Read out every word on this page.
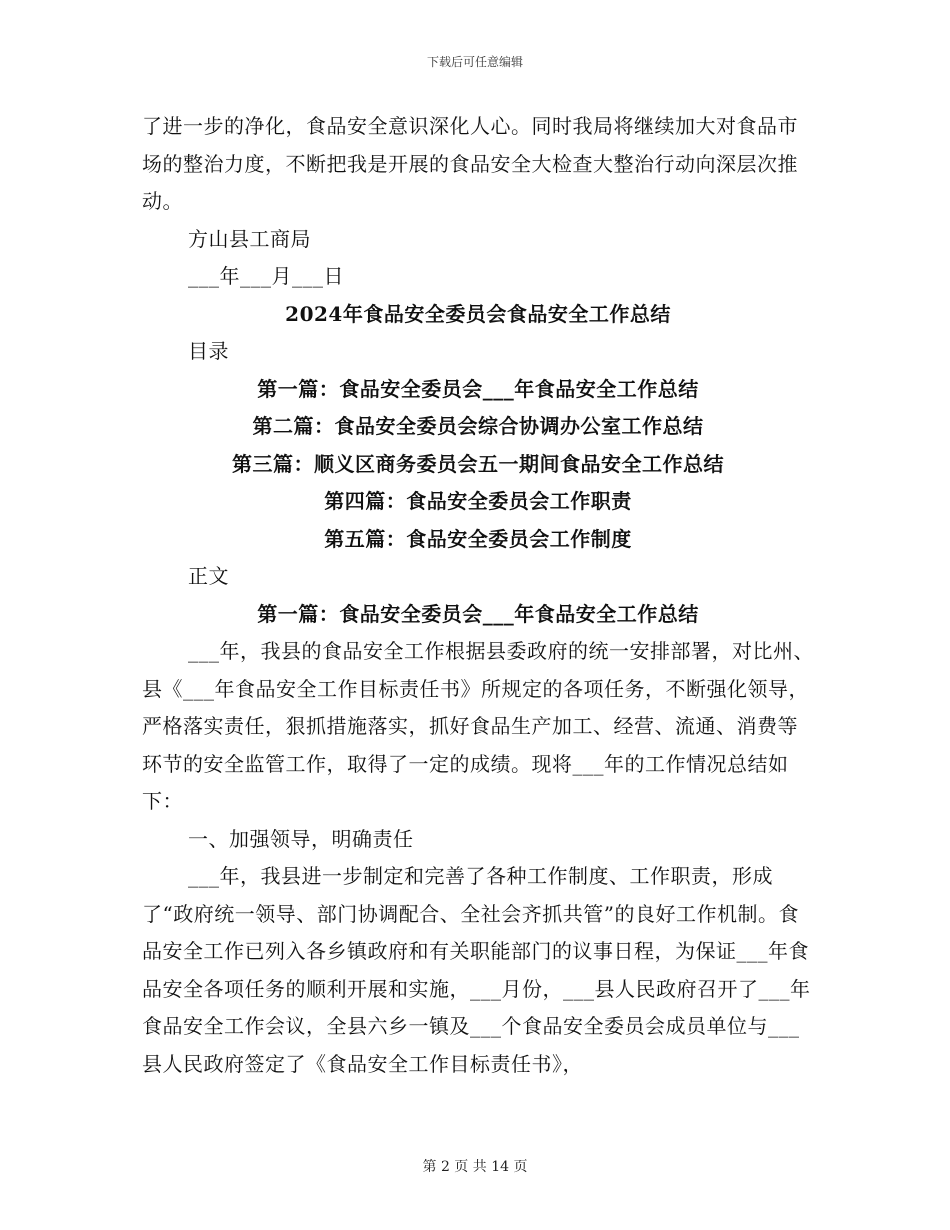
下载后可任意编辑

了进一步的净化，食品安全意识深化人心。同时我局将继续加大对食品市场的整治力度，不断把我是开展的食品安全大检查大整治行动向深层次推动。

方山县工商局

___年___月___日

2024年食品安全委员会食品安全工作总结

目录

第一篇：食品安全委员会___年食品安全工作总结

第二篇：食品安全委员会综合协调办公室工作总结

第三篇：顺义区商务委员会五一期间食品安全工作总结

第四篇：食品安全委员会工作职责

第五篇：食品安全委员会工作制度

正文

第一篇：食品安全委员会___年食品安全工作总结

___年，我县的食品安全工作根据县委政府的统一安排部署，对比州、县《___年食品安全工作目标责任书》所规定的各项任务，不断强化领导，严格落实责任，狠抓措施落实，抓好食品生产加工、经营、流通、消费等环节的安全监管工作，取得了一定的成绩。现将___年的工作情况总结如下：

一、加强领导，明确责任

___年，我县进一步制定和完善了各种工作制度、工作职责，形成了“政府统一领导、部门协调配合、全社会齐抓共管”的良好工作机制。食品安全工作已列入各乡镇政府和有关职能部门的议事日程，为保证___年食品安全各项任务的顺利开展和实施，___月份，___县人民政府召开了___年食品安全工作会议，全县六乡一镇及___个食品安全委员会成员单位与___县人民政府签定了《食品安全工作目标责任书》，

第 2 页 共 14 页
